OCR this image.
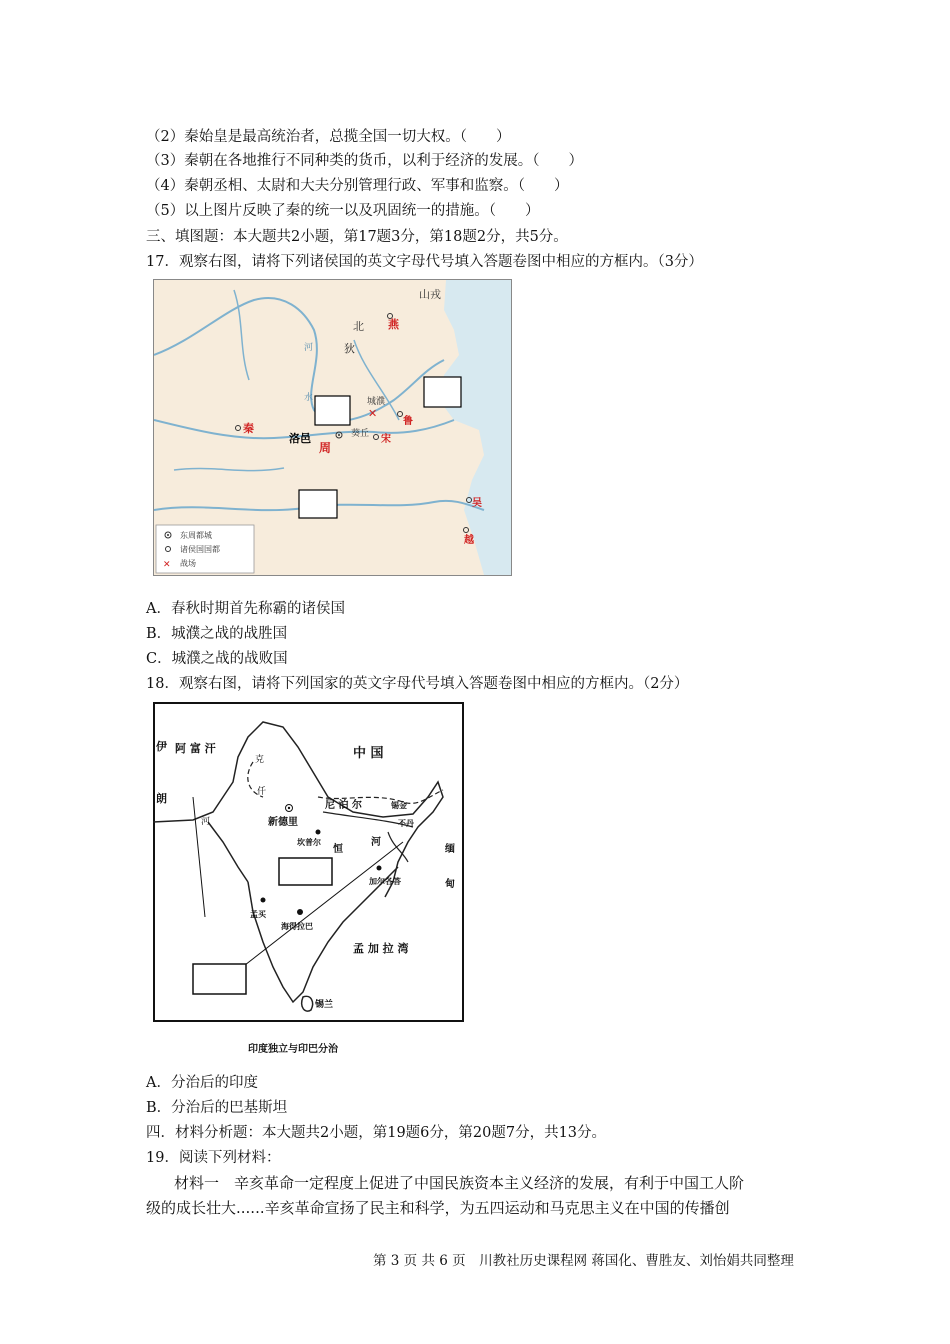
（2）秦始皇是最高统治者，总揽全国一切大权。（　　）
（3）秦朝在各地推行不同种类的货币，以利于经济的发展。（　　）
（4）秦朝丞相、太尉和大夫分别管理行政、军事和监察。（　　）
（5）以上图片反映了秦的统一以及巩固统一的措施。（　　）
三、填图题：本大题共2小题，第17题3分，第18题2分，共5分。
17．观察右图，请将下列诸侯国的英文字母代号填入答题卷图中相应的方框内。（3分）
山戎
北
狄
燕
城濮
✕
鲁
秦
洛邑	葵丘 宋
周
河
水
吴
越
东周都城
诸侯国国都
✕ 战场
A．春秋时期首先称霸的诸侯国
B．城濮之战的战胜国
C．城濮之战的战败国
18．观察右图，请将下列国家的英文字母代号填入答题卷图中相应的方框内。（2分）
伊
朗
阿 富 汗	中 国
克
仟
河	新德里
尼 泊 尔	锡金
不丹
坎普尔
恒
河
加尔各答
缅
甸
孟买
海得拉巴
孟 加 拉 湾
锡兰
印度独立与印巴分治
A．分治后的印度
B．分治后的巴基斯坦
四．材料分析题：本大题共2小题，第19题6分，第20题7分，共13分。
19．阅读下列材料：
材料一　辛亥革命一定程度上促进了中国民族资本主义经济的发展，有利于中国工人阶
级的成长壮大......辛亥革命宣扬了民主和科学，为五四运动和马克思主义在中国的传播创
第 3 页 共 6 页　川教社历史课程网 蒋国化、曹胜友、刘怡娟共同整理
